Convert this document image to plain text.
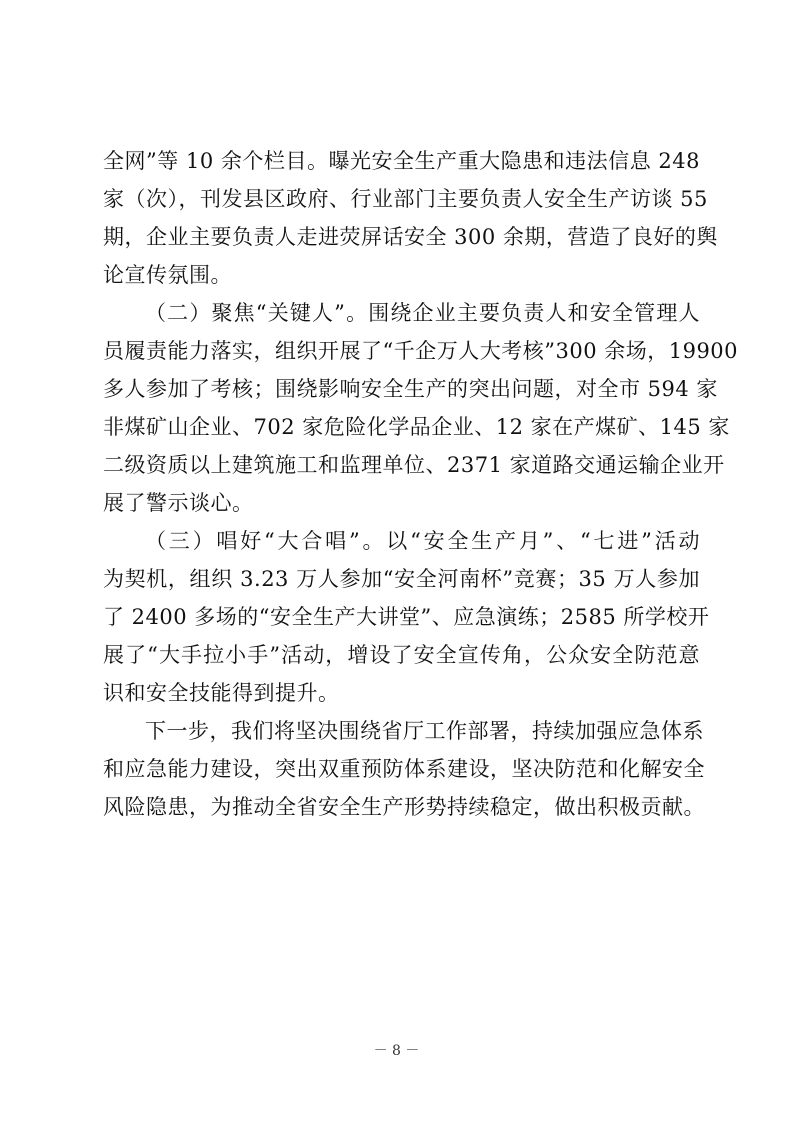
全网”等 10 余个栏目。曝光安全生产重大隐患和违法信息 248
家（次），刊发县区政府、行业部门主要负责人安全生产访谈 55
期，企业主要负责人走进荧屏话安全 300 余期，营造了良好的舆
论宣传氛围。
（二）聚焦“关键人”。围绕企业主要负责人和安全管理人
员履责能力落实，组织开展了“千企万人大考核”300 余场，19900
多人参加了考核；围绕影响安全生产的突出问题，对全市 594 家
非煤矿山企业、702 家危险化学品企业、12 家在产煤矿、145 家
二级资质以上建筑施工和监理单位、2371 家道路交通运输企业开
展了警示谈心。
（三）唱好“大合唱”。以“安全生产月”、“七进”活动
为契机，组织 3.23 万人参加“安全河南杯”竞赛；35 万人参加
了 2400 多场的“安全生产大讲堂”、应急演练；2585 所学校开
展了“大手拉小手”活动，增设了安全宣传角，公众安全防范意
识和安全技能得到提升。
下一步，我们将坚决围绕省厅工作部署，持续加强应急体系
和应急能力建设，突出双重预防体系建设，坚决防范和化解安全
风险隐患，为推动全省安全生产形势持续稳定，做出积极贡献。
－ 8 －
